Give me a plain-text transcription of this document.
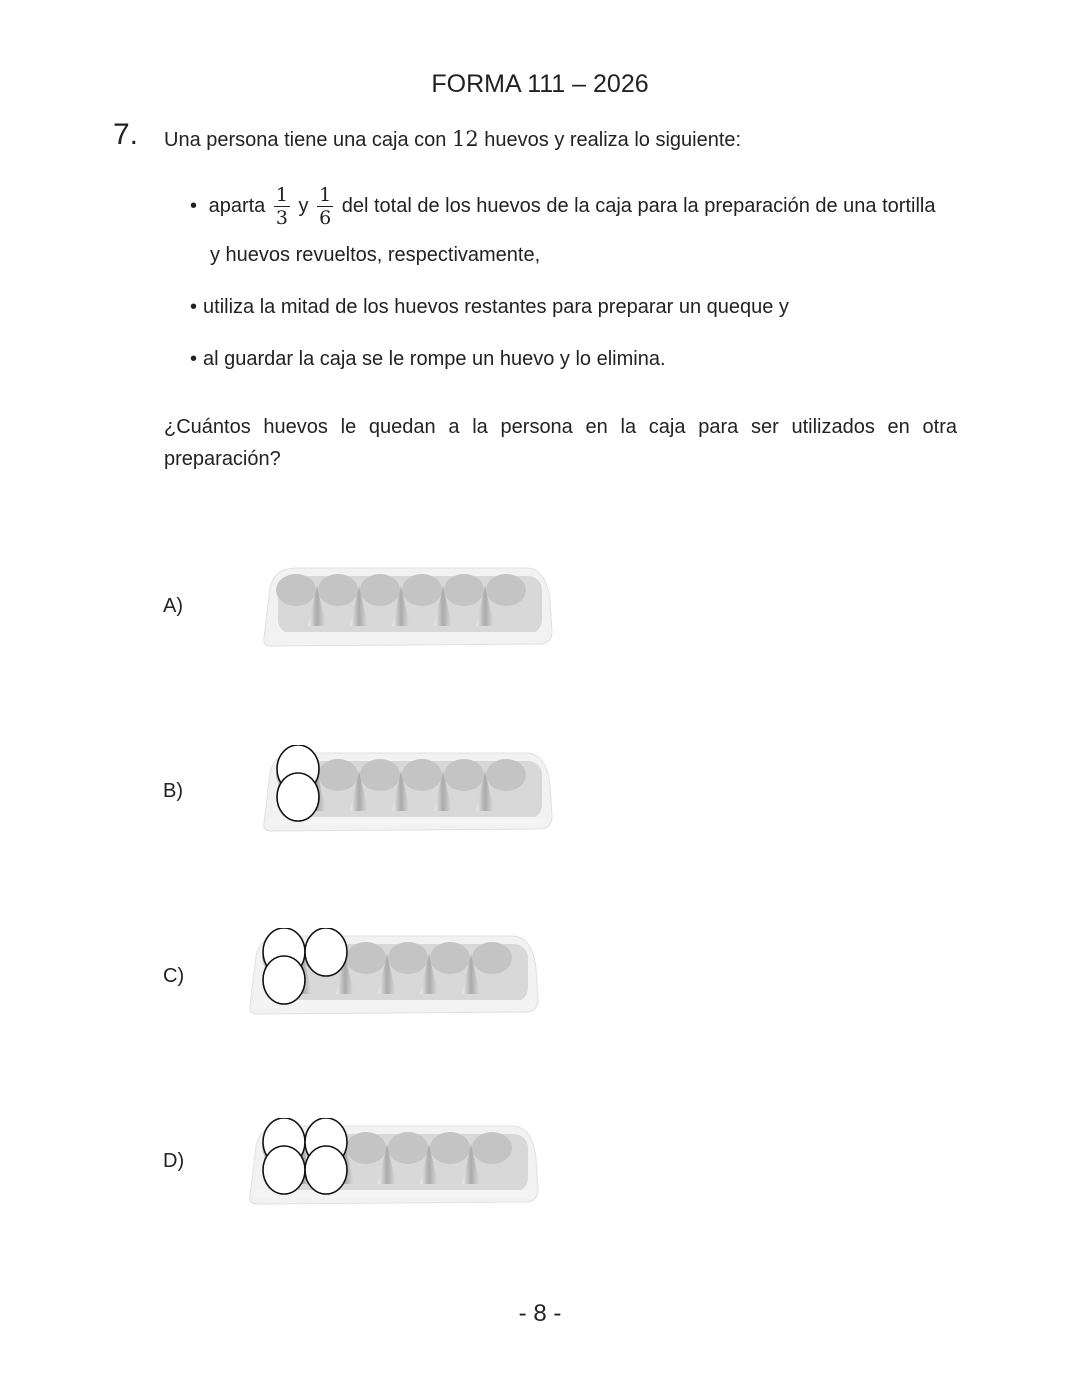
FORMA 111 – 2026
7. Una persona tiene una caja con 12 huevos y realiza lo siguiente:
• aparta $\frac{1}{3}$ y $\frac{1}{6}$ del total de los huevos de la caja para la preparación de una tortilla
y huevos revueltos, respectivamente,
• utiliza la mitad de los huevos restantes para preparar un queque y
• al guardar la caja se le rompe un huevo y lo elimina.
¿Cuántos huevos le quedan a la persona en la caja para ser utilizados en otra
preparación?
A)
B)
C)
D)
- 8 -
